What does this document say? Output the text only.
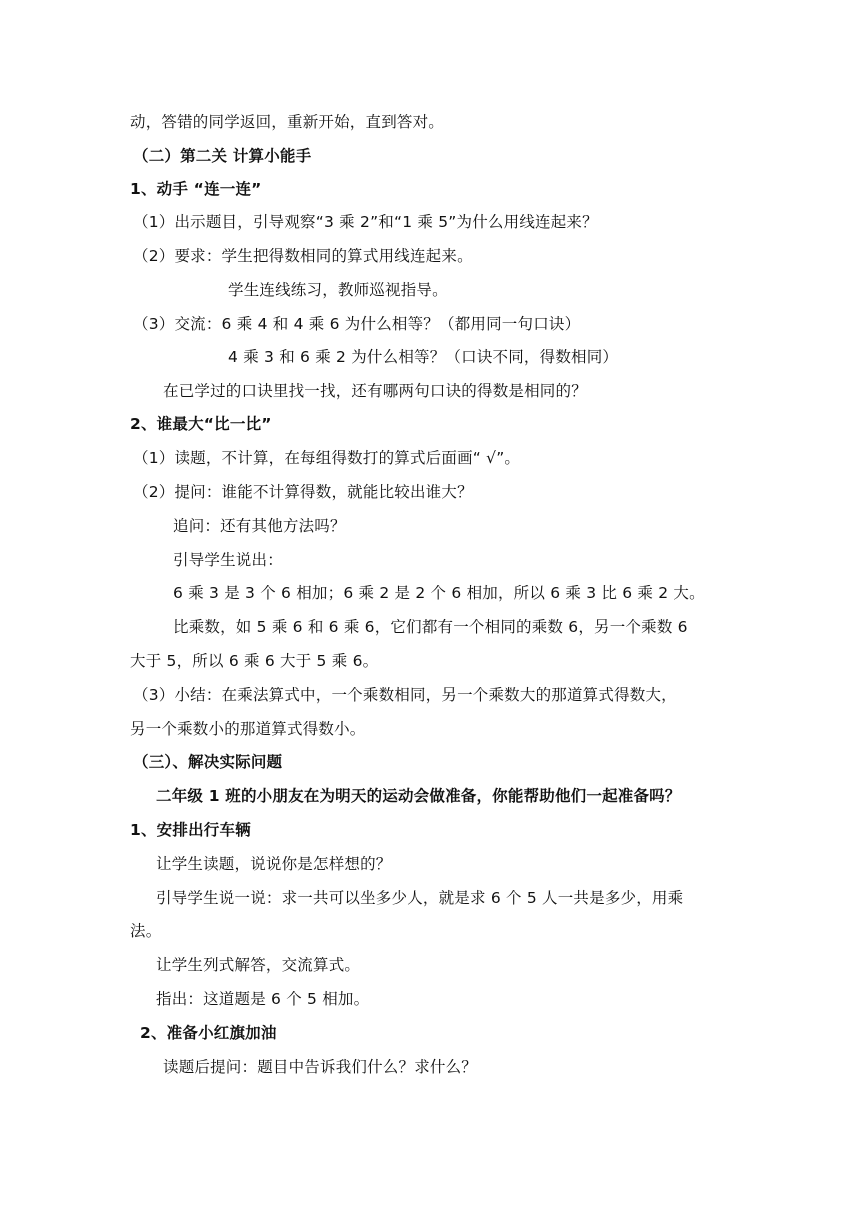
动，答错的同学返回，重新开始，直到答对。
（二）第二关 计算小能手
1、动手 “连一连”
（1）出示题目，引导观察“3 乘 2”和“1 乘 5”为什么用线连起来？
（2）要求：学生把得数相同的算式用线连起来。
学生连线练习，教师巡视指导。
（3）交流：6 乘 4 和 4 乘 6 为什么相等？（都用同一句口诀）
4 乘 3 和 6 乘 2 为什么相等？（口诀不同，得数相同）
在已学过的口诀里找一找，还有哪两句口诀的得数是相同的？
2、谁最大“比一比”
（1）读题，不计算，在每组得数打的算式后面画“ √”。
（2）提问：谁能不计算得数，就能比较出谁大？
追问：还有其他方法吗？
引导学生说出：
6 乘 3 是 3 个 6 相加；6 乘 2 是 2 个 6 相加，所以 6 乘 3 比 6 乘 2 大。
比乘数，如 5 乘 6 和 6 乘 6，它们都有一个相同的乘数 6，另一个乘数 6
大于 5，所以 6 乘 6 大于 5 乘 6。
（3）小结：在乘法算式中，一个乘数相同，另一个乘数大的那道算式得数大，
另一个乘数小的那道算式得数小。
（三）、解决实际问题
二年级 1 班的小朋友在为明天的运动会做准备，你能帮助他们一起准备吗？
1、安排出行车辆
让学生读题，说说你是怎样想的？
引导学生说一说：求一共可以坐多少人，就是求 6 个 5 人一共是多少，用乘
法。
让学生列式解答，交流算式。
指出：这道题是 6 个 5 相加。
2、准备小红旗加油
读题后提问：题目中告诉我们什么？求什么？
